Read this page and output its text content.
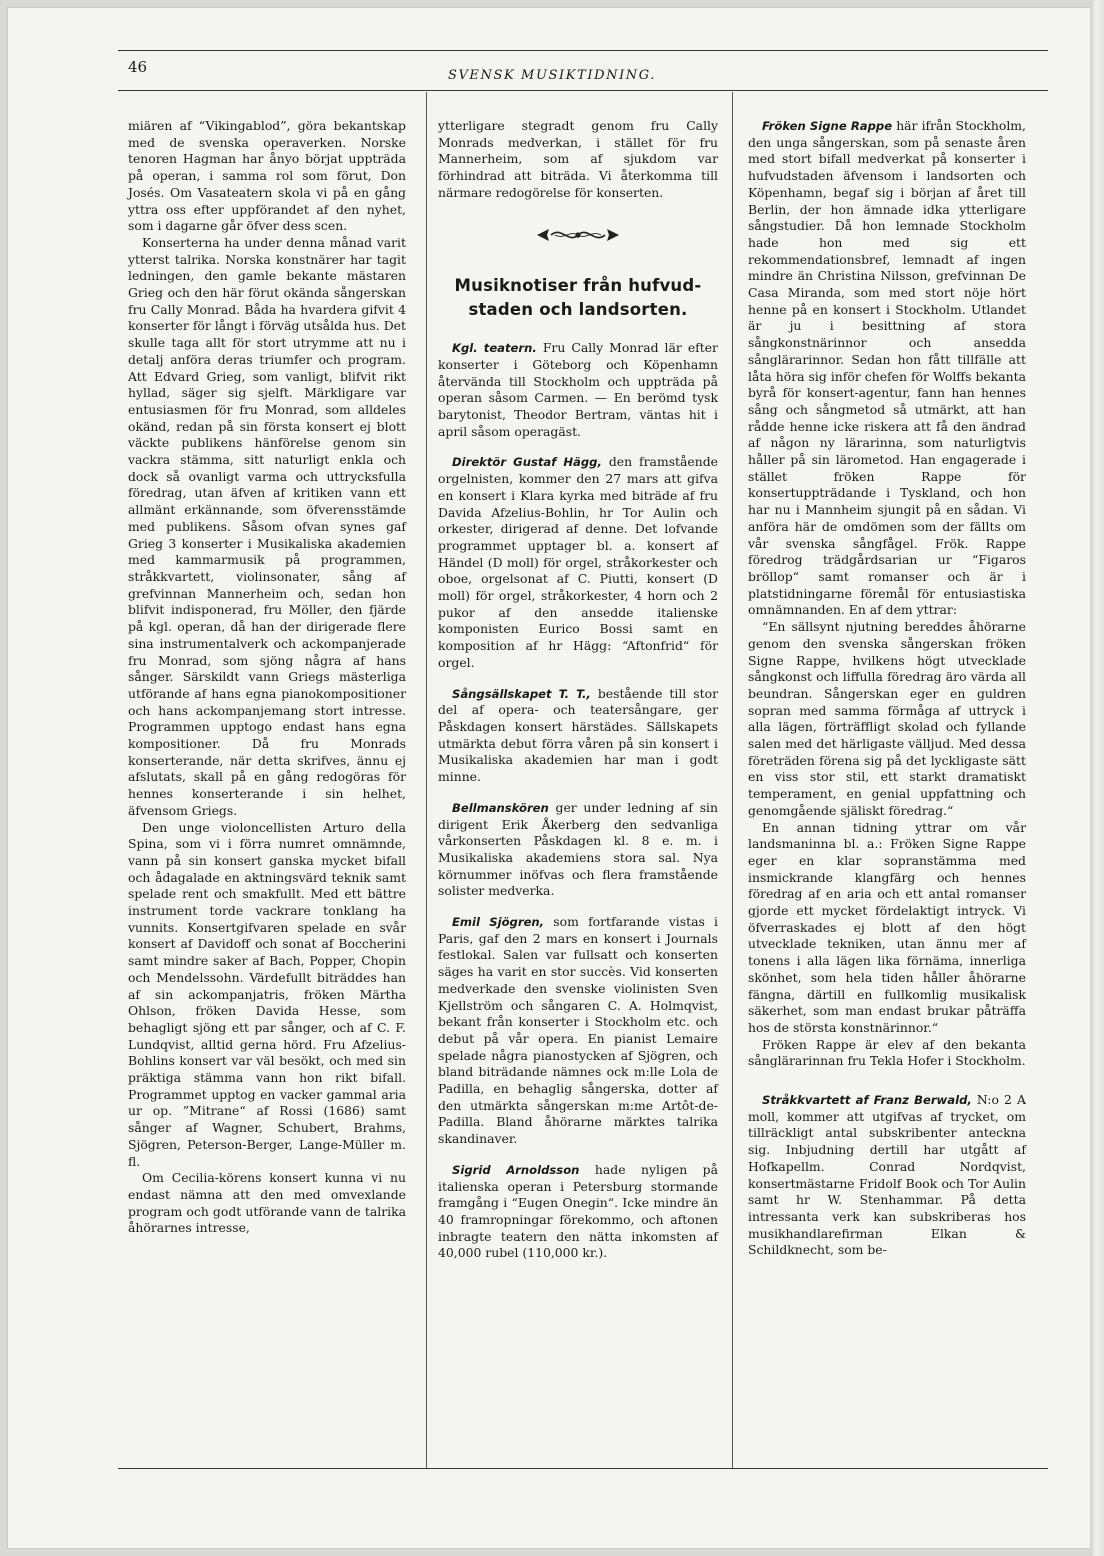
46	SVENSK MUSIKTIDNING.

miären af “Vikingablod”, göra bekantskap med de svenska operaverken. Norske tenoren Hagman har ånyo börjat uppträda på operan, i samma rol som förut, Don Josés. Om Vasateatern skola vi på en gång yttra oss efter uppförandet af den nyhet, som i dagarne går öfver dess scen.

Konserterna ha under denna månad varit ytterst talrika. Norska konstnärer har tagit ledningen, den gamle bekante mästaren Grieg och den här förut okända sångerskan fru Cally Monrad. Båda ha hvardera gifvit 4 konserter för långt i förväg utsålda hus. Det skulle taga allt för stort utrymme att nu i detalj anföra deras triumfer och program. Att Edvard Grieg, som vanligt, blifvit rikt hyllad, säger sig sjelft. Märkligare var entusiasmen för fru Monrad, som alldeles okänd, redan på sin första konsert ej blott väckte publikens hänförelse genom sin vackra stämma, sitt naturligt enkla och dock så ovanligt varma och uttrycksfulla föredrag, utan äfven af kritiken vann ett allmänt erkännande, som öfverensstämde med publikens. Såsom ofvan synes gaf Grieg 3 konserter i Musikaliska akademien med kammarmusik på programmen, stråkkvartett, violinsonater, sång af grefvinnan Mannerheim och, sedan hon blifvit indisponerad, fru Möller, den fjärde på kgl. operan, då han der dirigerade flere sina instrumentalverk och ackompanjerade fru Monrad, som sjöng några af hans sånger. Särskildt vann Griegs mästerliga utförande af hans egna pianokompositioner och hans ackompanjemang stort intresse. Programmen upptogo endast hans egna kompositioner. Då fru Monrads konserterande, när detta skrifves, ännu ej afslutats, skall på en gång redogöras för hennes konserterande i sin helhet, äfvensom Griegs.

Den unge violoncellisten Arturo della Spina, som vi i förra numret omnämnde, vann på sin konsert ganska mycket bifall och ådagalade en aktningsvärd teknik samt spelade rent och smakfullt. Med ett bättre instrument torde vackrare tonklang ha vunnits. Konsertgifvaren spelade en svår konsert af Davidoff och sonat af Boccherini samt mindre saker af Bach, Popper, Chopin och Mendelssohn. Värdefullt biträddes han af sin ackompanjatris, fröken Märtha Ohlson, fröken Davida Hesse, som behagligt sjöng ett par sånger, och af C. F. Lundqvist, alltid gerna hörd. Fru Afzelius-Bohlins konsert var väl besökt, och med sin präktiga stämma vann hon rikt bifall. Programmet upptog en vacker gammal aria ur op. ”Mitrane“ af Rossi (1686) samt sånger af Wagner, Schubert, Brahms, Sjögren, Peterson-Berger, Lange-Müller m. fl.

Om Cecilia-körens konsert kunna vi nu endast nämna att den med omvexlande program och godt utförande vann de talrika åhörarnes intresse,

ytterligare stegradt genom fru Cally Monrads medverkan, i stället för fru Mannerheim, som af sjukdom var förhindrad att biträda. Vi återkomma till närmare redogörelse för konserten.

Musiknotiser från hufvud-
staden och landsorten.

Kgl. teatern. Fru Cally Monrad lär efter konserter i Göteborg och Köpenhamn återvända till Stockholm och uppträda på operan såsom Carmen. — En berömd tysk barytonist, Theodor Bertram, väntas hit i april såsom operagäst.

Direktör Gustaf Hägg, den framstående orgelnisten, kommer den 27 mars att gifva en konsert i Klara kyrka med biträde af fru Davida Afzelius-Bohlin, hr Tor Aulin och orkester, dirigerad af denne. Det lofvande programmet upptager bl. a. konsert af Händel (D moll) för orgel, stråkorkester och oboe, orgelsonat af C. Piutti, konsert (D moll) för orgel, stråkorkester, 4 horn och 2 pukor af den ansedde italienske komponisten Eurico Bossi samt en komposition af hr Hägg: “Aftonfrid“ för orgel.

Sångsällskapet T. T., bestående till stor del af opera- och teatersångare, ger Påskdagen konsert härstädes. Sällskapets utmärkta debut förra våren på sin konsert i Musikaliska akademien har man i godt minne.

Bellmanskören ger under ledning af sin dirigent Erik Åkerberg den sedvanliga vårkonserten Påskdagen kl. 8 e. m. i Musikaliska akademiens stora sal. Nya körnummer inöfvas och flera framstående solister medverka.

Emil Sjögren, som fortfarande vistas i Paris, gaf den 2 mars en konsert i Journals festlokal. Salen var fullsatt och konserten säges ha varit en stor succès. Vid konserten medverkade den svenske violinisten Sven Kjellström och sångaren C. A. Holmqvist, bekant från konserter i Stockholm etc. och debut på vår opera. En pianist Lemaire spelade några pianostycken af Sjögren, och bland biträdande nämnes ock m:lle Lola de Padilla, en behaglig sångerska, dotter af den utmärkta sångerskan m:me Artôt-de-Padilla. Bland åhörarne märktes talrika skandinaver.

Sigrid Arnoldsson hade nyligen på italienska operan i Petersburg stormande framgång i “Eugen Onegin“. Icke mindre än 40 framropningar förekommo, och aftonen inbragte teatern den nätta inkomsten af 40,000 rubel (110,000 kr.).

Fröken Signe Rappe här ifrån Stockholm, den unga sångerskan, som på senaste åren med stort bifall medverkat på konserter i hufvudstaden äfvensom i landsorten och Köpenhamn, begaf sig i början af året till Berlin, der hon ämnade idka ytterligare sångstudier. Då hon lemnade Stockholm hade hon med sig ett rekommendationsbref, lemnadt af ingen mindre än Christina Nilsson, grefvinnan De Casa Miranda, som med stort nöje hört henne på en konsert i Stockholm. Utlandet är ju i besittning af stora sångkonstnärinnor och ansedda sånglärarinnor. Sedan hon fått tillfälle att låta höra sig inför chefen för Wolffs bekanta byrå för konsert-agentur, fann han hennes sång och sångmetod så utmärkt, att han rådde henne icke riskera att få den ändrad af någon ny lärarinna, som naturligtvis håller på sin lärometod. Han engagerade i stället fröken Rappe för konsertuppträdande i Tyskland, och hon har nu i Mannheim sjungit på en sådan. Vi anföra här de omdömen som der fällts om vår svenska sångfågel. Frök. Rappe föredrog trädgårdsarian ur “Figaros bröllop“ samt romanser och är i platstidningarne föremål för entusiastiska omnämnanden. En af dem yttrar:

“En sällsynt njutning bereddes åhörarne genom den svenska sångerskan fröken Signe Rappe, hvilkens högt utvecklade sångkonst och liffulla föredrag äro värda all beundran. Sångerskan eger en guldren sopran med samma förmåga af uttryck i alla lägen, förträffligt skolad och fyllande salen med det härligaste välljud. Med dessa företräden förena sig på det lyckligaste sätt en viss stor stil, ett starkt dramatiskt temperament, en genial uppfattning och genomgående själiskt föredrag.“

En annan tidning yttrar om vår landsmaninna bl. a.: Fröken Signe Rappe eger en klar sopranstämma med insmickrande klangfärg och hennes föredrag af en aria och ett antal romanser gjorde ett mycket fördelaktigt intryck. Vi öfverraskades ej blott af den högt utvecklade tekniken, utan ännu mer af tonens i alla lägen lika förnäma, innerliga skönhet, som hela tiden håller åhörarne fängna, därtill en fullkomlig musikalisk säkerhet, som man endast brukar påträffa hos de största konstnärinnor.“

Fröken Rappe är elev af den bekanta sånglärarinnan fru Tekla Hofer i Stockholm.

Stråkkvartett af Franz Berwald, N:o 2 A moll, kommer att utgifvas af trycket, om tillräckligt antal subskribenter anteckna sig. Inbjudning dertill har utgått af Hofkapellm. Conrad Nordqvist, konsertmästarne Fridolf Book och Tor Aulin samt hr W. Stenhammar. På detta intressanta verk kan subskriberas hos musikhandlarefirman Elkan & Schildknecht, som be-
